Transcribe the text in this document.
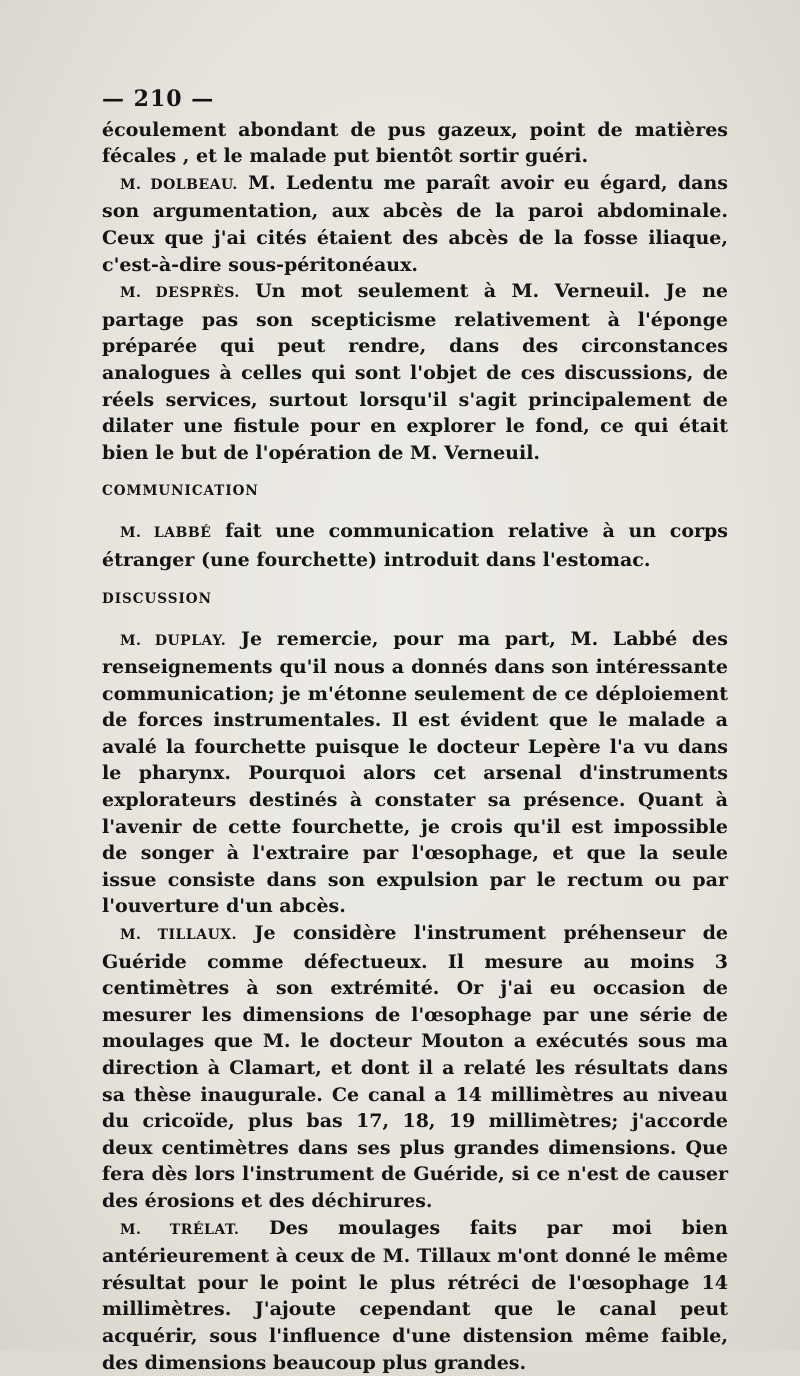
— 210 —

écoulement abondant de pus gazeux, point de matières fécales , et le malade put bientôt sortir guéri.

M. DOLBEAU. M. Ledentu me paraît avoir eu égard, dans son argumentation, aux abcès de la paroi abdominale. Ceux que j'ai cités étaient des abcès de la fosse iliaque, c'est-à-dire sous-péritonéaux.

M. DESPRÈS. Un mot seulement à M. Verneuil. Je ne partage pas son scepticisme relativement à l'éponge préparée qui peut rendre, dans des circonstances analogues à celles qui sont l'objet de ces discussions, de réels services, surtout lorsqu'il s'agit principalement de dilater une fistule pour en explorer le fond, ce qui était bien le but de l'opération de M. Verneuil.

COMMUNICATION

M. LABBÉ fait une communication relative à un corps étranger (une fourchette) introduit dans l'estomac.

DISCUSSION

M. DUPLAY. Je remercie, pour ma part, M. Labbé des renseignements qu'il nous a donnés dans son intéressante communication; je m'étonne seulement de ce déploiement de forces instrumentales. Il est évident que le malade a avalé la fourchette puisque le docteur Lepère l'a vu dans le pharynx. Pourquoi alors cet arsenal d'instruments explorateurs destinés à constater sa présence. Quant à l'avenir de cette fourchette, je crois qu'il est impossible de songer à l'extraire par l'œsophage, et que la seule issue consiste dans son expulsion par le rectum ou par l'ouverture d'un abcès.

M. TILLAUX. Je considère l'instrument préhenseur de Guéride comme défectueux. Il mesure au moins 3 centimètres à son extrémité. Or j'ai eu occasion de mesurer les dimensions de l'œsophage par une série de moulages que M. le docteur Mouton a exécutés sous ma direction à Clamart, et dont il a relaté les résultats dans sa thèse inaugurale. Ce canal a 14 millimètres au niveau du cricoïde, plus bas 17, 18, 19 millimètres; j'accorde deux centimètres dans ses plus grandes dimensions. Que fera dès lors l'instrument de Guéride, si ce n'est de causer des érosions et des déchirures.

M. TRÉLAT. Des moulages faits par moi bien antérieurement à ceux de M. Tillaux m'ont donné le même résultat pour le point le plus rétréci de l'œsophage 14 millimètres. J'ajoute cependant que le canal peut acquérir, sous l'influence d'une distension même faible, des dimensions beaucoup plus grandes.
